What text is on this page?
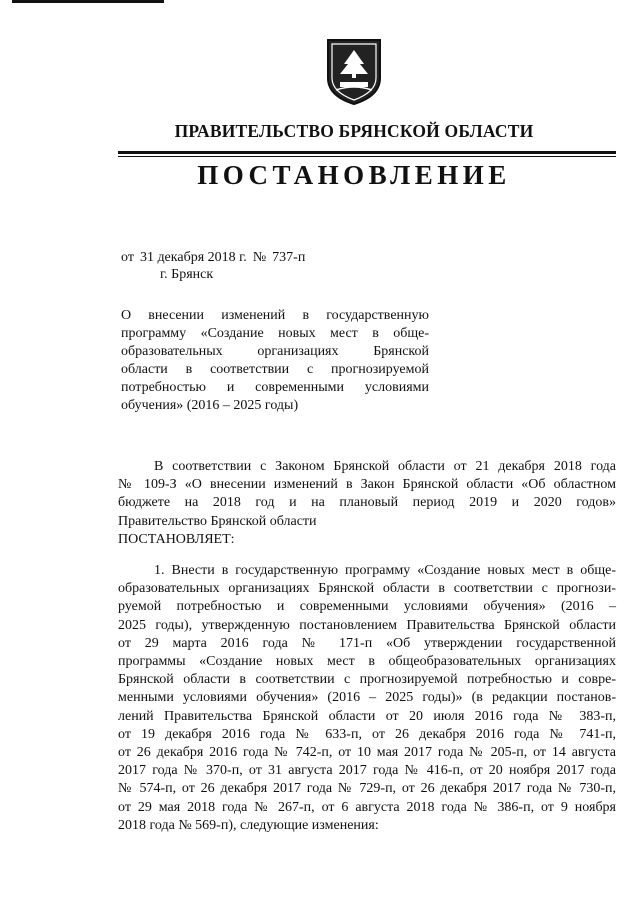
ПРАВИТЕЛЬСТВО БРЯНСКОЙ ОБЛАСТИ
ПОСТАНОВЛЕНИЕ
от 31 декабря 2018 г. № 737-п
г. Брянск
О внесении изменений в государственную
программу «Создание новых мест в обще-
образовательных организациях Брянской
области в соответствии с прогнозируемой
потребностью и современными условиями
обучения» (2016 – 2025 годы)
В соответствии с Законом Брянской области от 21 декабря 2018 года
№ 109-З «О внесении изменений в Закон Брянской области «Об областном
бюджете на 2018 год и на плановый период 2019 и 2020 годов»
Правительство Брянской области
ПОСТАНОВЛЯЕТ:
1. Внести в государственную программу «Создание новых мест в обще-
образовательных организациях Брянской области в соответствии с прогнози-
руемой потребностью и современными условиями обучения» (2016 –
2025 годы), утвержденную постановлением Правительства Брянской области
от 29 марта 2016 года № 171-п «Об утверждении государственной
программы «Создание новых мест в общеобразовательных организациях
Брянской области в соответствии с прогнозируемой потребностью и совре-
менными условиями обучения» (2016 – 2025 годы)» (в редакции постанов-
лений Правительства Брянской области от 20 июля 2016 года № 383-п,
от 19 декабря 2016 года № 633-п, от 26 декабря 2016 года № 741-п,
от 26 декабря 2016 года № 742-п, от 10 мая 2017 года № 205-п, от 14 августа
2017 года № 370-п, от 31 августа 2017 года № 416-п, от 20 ноября 2017 года
№ 574-п, от 26 декабря 2017 года № 729-п, от 26 декабря 2017 года № 730-п,
от 29 мая 2018 года № 267-п, от 6 августа 2018 года № 386-п, от 9 ноября
2018 года № 569-п), следующие изменения:
